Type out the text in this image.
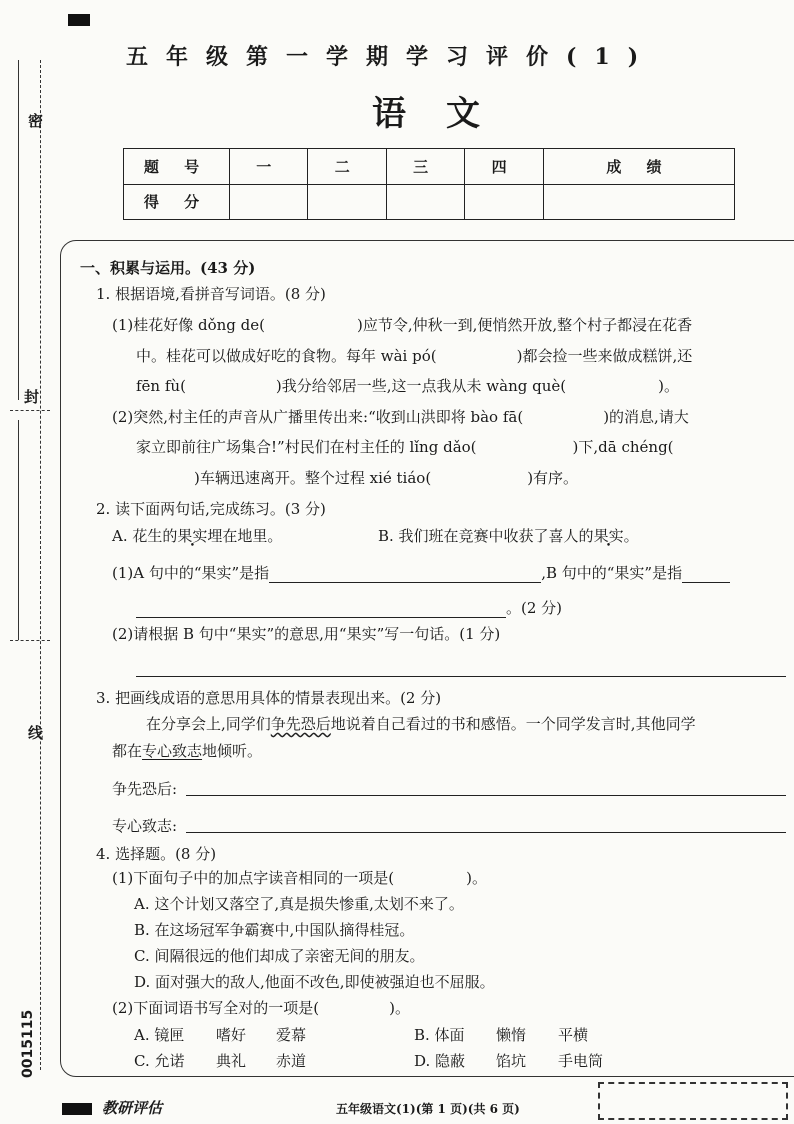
密
封
线
0015115
五年级第一学期学习评价(1)
语文
题 号	一	二	三	四	成 绩
得 分					
一、积累与运用。(43 分)
1. 根据语境,看拼音写词语。(8 分)
(1)桂花好像 dǒng de(	)应节令,仲秋一到,便悄然开放,整个村子都浸在花香
中。桂花可以做成好吃的食物。每年 wài pó(	)都会捡一些来做成糕饼,还
fēn fù(	)我分给邻居一些,这一点我从未 wàng què(	)。
(2)突然,村主任的声音从广播里传出来:“收到山洪即将 bào fā(	)的消息,请大
家立即前往广场集合!”村民们在村主任的 lǐng dǎo(	)下,dā chéng(
)车辆迅速离开。整个过程 xié tiáo(	)有序。
2. 读下面两句话,完成练习。(3 分)
A. 花生的果实埋在地里。	B. 我们班在竞赛中收获了喜人的果实。
(1)A 句中的“果实”是指	,B 句中的“果实”是指
。(2 分)
(2)请根据 B 句中“果实”的意思,用“果实”写一句话。(1 分)
3. 把画线成语的意思用具体的情景表现出来。(2 分)
在分享会上,同学们争先恐后地说着自己看过的书和感悟。一个同学发言时,其他同学
都在专心致志地倾听。
争先恐后:
专心致志:
4. 选择题。(8 分)
(1)下面句子中的加点字读音相同的一项是(	)。
A. 这个计划又落空了,真是损失惨重,太划不来了。
B. 在这场冠军争霸赛中,中国队摘得桂冠。
C. 间隔很远的他们却成了亲密无间的朋友。
D. 面对强大的敌人,他面不改色,即使被强迫也不屈服。
(2)下面词语书写全对的一项是(	)。
A. 镜匣 嗜好 爱幕	B. 体面 懒惰 平横
C. 允诺 典礼 赤道	D. 隐蔽 馅坑 手电筒
教研评估	五年级语文(1)(第 1 页)(共 6 页)
